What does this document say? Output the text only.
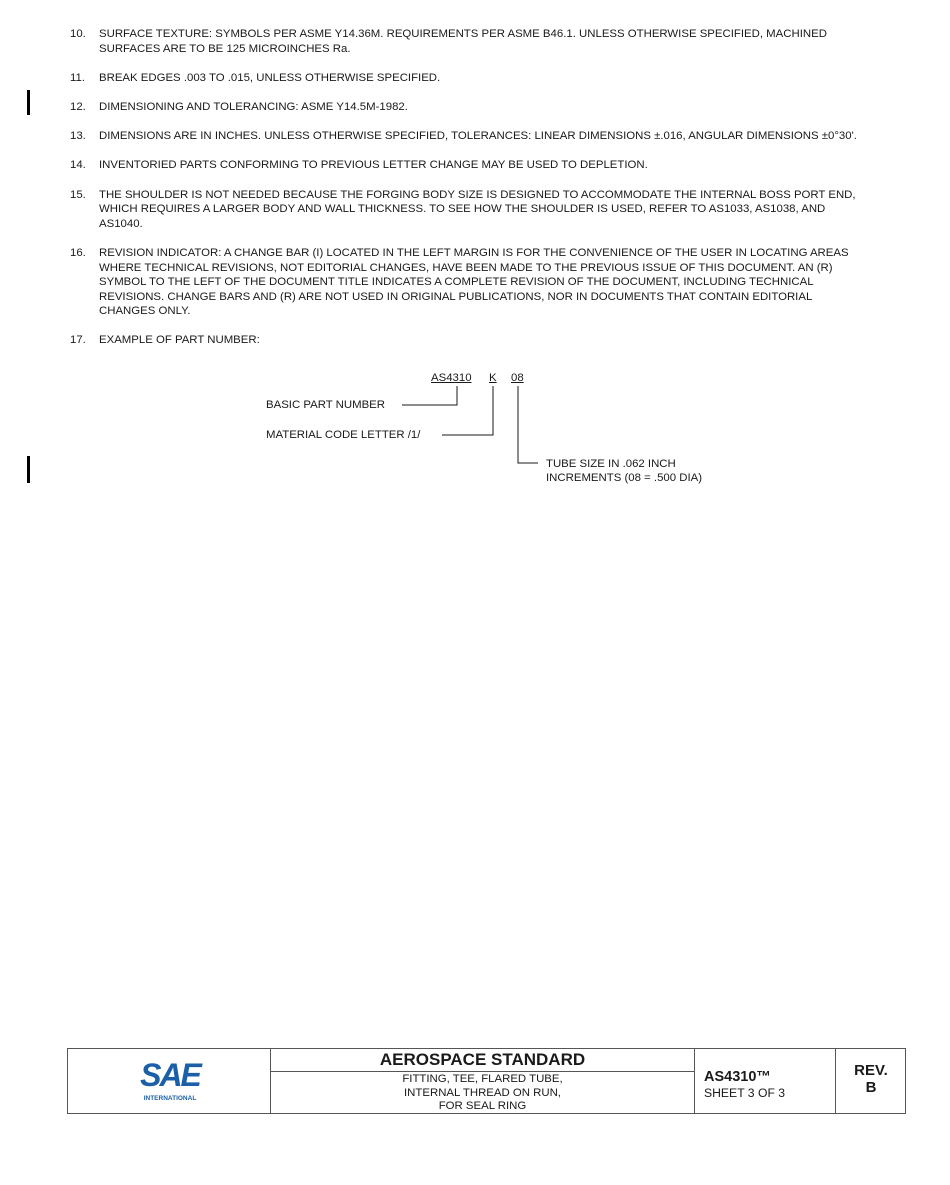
10.	SURFACE TEXTURE: SYMBOLS PER ASME Y14.36M. REQUIREMENTS PER ASME B46.1. UNLESS OTHERWISE SPECIFIED, MACHINED SURFACES ARE TO BE 125 MICROINCHES Ra.
11.	BREAK EDGES .003 TO .015, UNLESS OTHERWISE SPECIFIED.
12.	DIMENSIONING AND TOLERANCING: ASME Y14.5M-1982.
13.	DIMENSIONS ARE IN INCHES. UNLESS OTHERWISE SPECIFIED, TOLERANCES: LINEAR DIMENSIONS ±.016, ANGULAR DIMENSIONS ±0°30'.
14.	INVENTORIED PARTS CONFORMING TO PREVIOUS LETTER CHANGE MAY BE USED TO DEPLETION.
15.	THE SHOULDER IS NOT NEEDED BECAUSE THE FORGING BODY SIZE IS DESIGNED TO ACCOMMODATE THE INTERNAL BOSS PORT END, WHICH REQUIRES A LARGER BODY AND WALL THICKNESS. TO SEE HOW THE SHOULDER IS USED, REFER TO AS1033, AS1038, AND AS1040.
16.	REVISION INDICATOR: A CHANGE BAR (I) LOCATED IN THE LEFT MARGIN IS FOR THE CONVENIENCE OF THE USER IN LOCATING AREAS WHERE TECHNICAL REVISIONS, NOT EDITORIAL CHANGES, HAVE BEEN MADE TO THE PREVIOUS ISSUE OF THIS DOCUMENT. AN (R) SYMBOL TO THE LEFT OF THE DOCUMENT TITLE INDICATES A COMPLETE REVISION OF THE DOCUMENT, INCLUDING TECHNICAL REVISIONS. CHANGE BARS AND (R) ARE NOT USED IN ORIGINAL PUBLICATIONS, NOR IN DOCUMENTS THAT CONTAIN EDITORIAL CHANGES ONLY.
17.	EXAMPLE OF PART NUMBER:
AS4310 K 08
BASIC PART NUMBER
MATERIAL CODE LETTER /1/
TUBE SIZE IN .062 INCH
INCREMENTS (08 = .500 DIA)
SAE
INTERNATIONAL
AEROSPACE STANDARD
FITTING, TEE, FLARED TUBE,
INTERNAL THREAD ON RUN,
FOR SEAL RING
AS4310™
SHEET 3 OF 3
REV.
B
